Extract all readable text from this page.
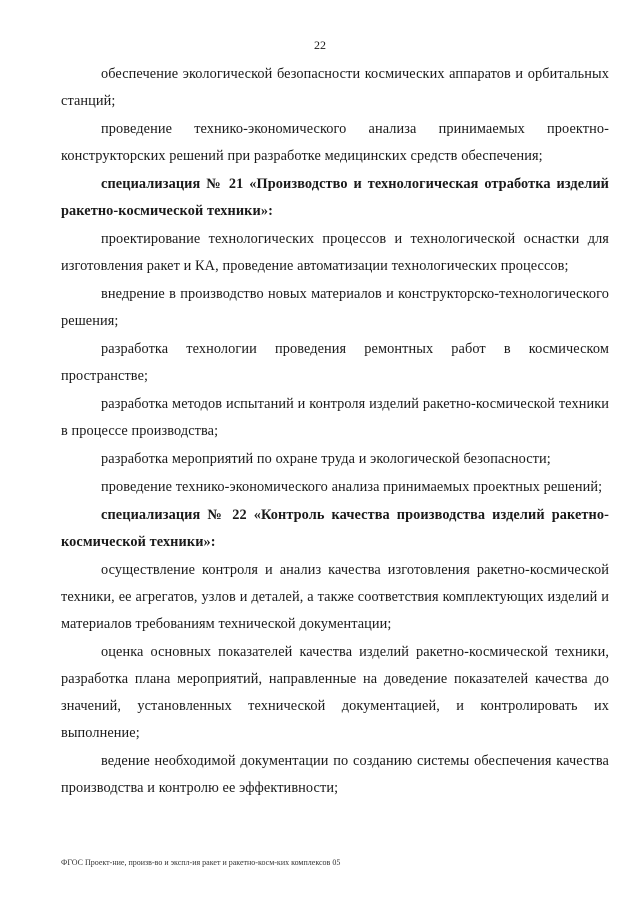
22

обеспечение экологической безопасности космических аппаратов и орбитальных станций;

проведение технико-экономического анализа принимаемых проектно-конструкторских решений при разработке медицинских средств обеспечения;

специализация № 21 «Производство и технологическая отработка изделий ракетно-космической техники»:

проектирование технологических процессов и технологической оснастки для изготовления ракет и КА, проведение автоматизации технологических процессов;

внедрение в производство новых материалов и конструкторско-технологического решения;

разработка технологии проведения ремонтных работ в космическом пространстве;

разработка методов испытаний и контроля изделий ракетно-космической техники в процессе производства;

разработка мероприятий по охране труда и экологической безопасности;

проведение технико-экономического анализа принимаемых проектных решений;

специализация № 22 «Контроль качества производства изделий ракетно-космической техники»:

осуществление контроля и анализ качества изготовления ракетно-космической техники, ее агрегатов, узлов и деталей, а также соответствия комплектующих изделий и материалов требованиям технической документации;

оценка основных показателей качества изделий ракетно-космической техники, разработка плана мероприятий, направленные на доведение показателей качества до значений, установленных технической документацией, и контролировать их выполнение;

ведение необходимой документации по созданию системы обеспечения качества производства и контролю ее эффективности;

ФГОС Проект-ние, произв-во и экспл-ия ракет и ракетно-косм-ких комплексов 05
